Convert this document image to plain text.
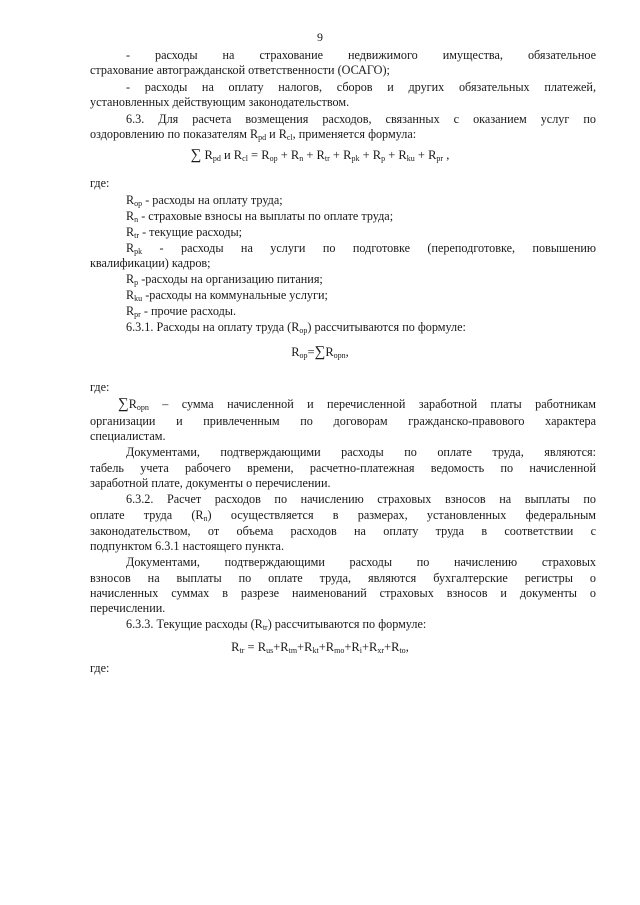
9
- расходы на страхование недвижимого имущества, обязательное
страхование автогражданской ответственности (ОСАГО);
- расходы на оплату налогов, сборов и других обязательных платежей,
установленных действующим законодательством.
6.3. Для расчета возмещения расходов, связанных с оказанием услуг по
оздоровлению по показателям $R_{pd}$ и $R_{cl}$, применяется формула:
∑ $R_{pd}$ и $R_{cl} = R_{op} + R_n + R_{tr} + R_{pk} + R_p + R_{ku} + R_{pr}$ ,
где:
$R_{op}$ - расходы на оплату труда;
$R_n$ - страховые взносы на выплаты по оплате труда;
$R_{tr}$ - текущие расходы;
$R_{pk}$ - расходы на услуги по подготовке (переподготовке, повышению
квалификации) кадров;
$R_p$ -расходы на организацию питания;
$R_{ku}$ -расходы на коммунальные услуги;
$R_{pr}$ - прочие расходы.
6.3.1. Расходы на оплату труда $(R_{op})$ рассчитываются по формуле:
$R_{op}=\sum R_{opn}$,
где:
$\sum R_{opn}$ – сумма начисленной и перечисленной заработной платы работникам
организации и привлеченным по договорам гражданско-правового характера
специалистам.
Документами, подтверждающими расходы по оплате труда, являются:
табель учета рабочего времени, расчетно-платежная ведомость по начисленной
заработной плате, документы о перечислении.
6.3.2. Расчет расходов по начислению страховых взносов на выплаты по
оплате труда $(R_n)$ осуществляется в размерах, установленных федеральным
законодательством, от объема расходов на оплату труда в соответствии с
подпунктом 6.3.1 настоящего пункта.
Документами, подтверждающими расходы по начислению страховых
взносов на выплаты по оплате труда, являются бухгалтерские регистры о
начисленных суммах в разрезе наименований страховых взносов и документы о
перечислении.
6.3.3. Текущие расходы $(R_{tr})$ рассчитываются по формуле:
$R_{tr} = R_{us}+R_{tm}+R_{kt}+R_{mo}+R_i+R_{xr}+R_{to}$,
где:
